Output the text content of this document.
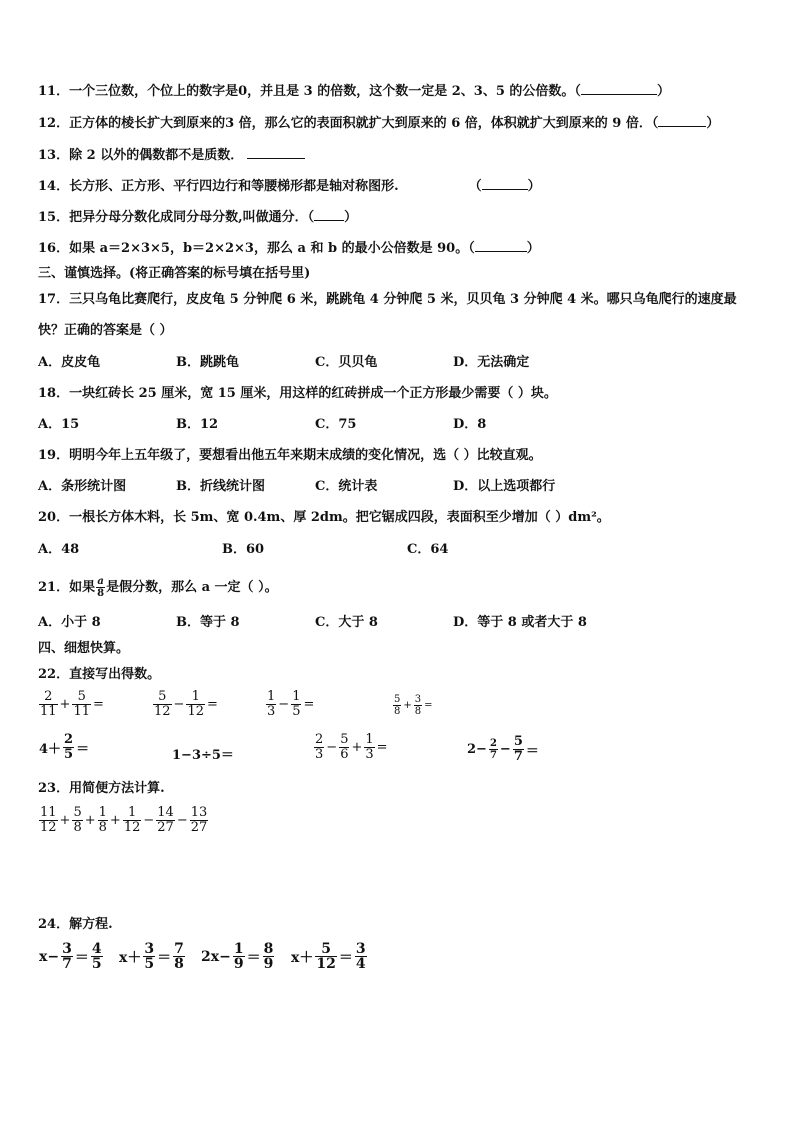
11．一个三位数，个位上的数字是0，并且是 3 的倍数，这个数一定是 2、3、5 的公倍数。（	）
12．正方体的棱长扩大到原来的3 倍，那么它的表面积就扩大到原来的 6 倍，体积就扩大到原来的 9 倍．（	）
13．除 2 以外的偶数都不是质数．
14．长方形、正方形、平行四边行和等腰梯形都是轴对称图形.	（	）
15．把异分母分数化成同分母分数,叫做通分．（ ）
16．如果 a＝2×3×5，b＝2×2×3，那么 a 和 b 的最小公倍数是 90。（	）
三、谨慎选择。(将正确答案的标号填在括号里)
17．三只乌龟比赛爬行，皮皮龟 5 分钟爬 6 米，跳跳龟 4 分钟爬 5 米，贝贝龟 3 分钟爬 4 米。哪只乌龟爬行的速度最
快？正确的答案是（ ）
A．皮皮龟	B．跳跳龟	C．贝贝龟	D．无法确定
18．一块红砖长 25 厘米，宽 15 厘米，用这样的红砖拼成一个正方形最少需要（ ）块。
A．15	B．12	C．75	D．8
19．明明今年上五年级了，要想看出他五年来期末成绩的变化情况，选（ ）比较直观。
A．条形统计图	B．折线统计图	C．统计表	D．以上选项都行
20．一根长方体木料，长 5m、宽 0.4m、厚 2dm。把它锯成四段，表面积至少增加（ ）dm²。
A．48	B．60	C．64
21．如果 $\frac{a}{8}$ 是假分数，那么 a 一定（ ）。
A．小于 8	B．等于 8	C．大于 8	D．等于 8 或者大于 8
四、细想快算。
22．直接写出得数。
$\frac{2}{11} + \frac{5}{11}$ =	$\frac{5}{12} - \frac{1}{12}$ =	$\frac{1}{3} - \frac{1}{5}$ =	$\frac{5}{8} + \frac{3}{8}$ =
$4+ \frac{2}{5}$ ＝	1−3÷5＝	$\frac{2}{3} - \frac{5}{6} + \frac{1}{3}$ =	$2- \frac{2}{7} - \frac{5}{7}$ ＝
23．用简便方法计算.
$\frac{11}{12} + \frac{5}{8} + \frac{1}{8} + \frac{1}{12} - \frac{14}{27} - \frac{13}{27}$
24．解方程.
$x- \frac{3}{7} = \frac{4}{5} x+ \frac{3}{5} = \frac{7}{8} 2x- \frac{1}{9} = \frac{8}{9} x+ \frac{5}{12} = \frac{3}{4}$
